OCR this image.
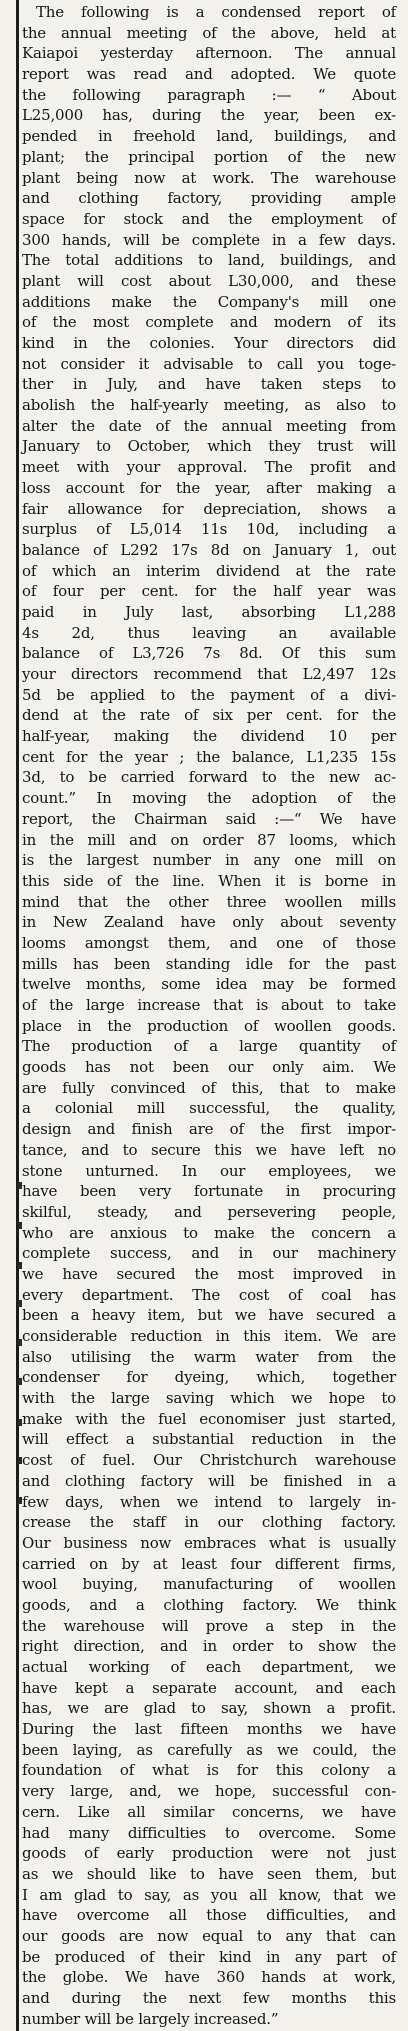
The following is a condensed report of
the annual meeting of the above, held at
Kaiapoi yesterday afternoon. The annual
report was read and adopted. We quote
the following paragraph :— “ About
L25,000 has, during the year, been ex-
pended in freehold land, buildings, and
plant; the principal portion of the new
plant being now at work. The warehouse
and clothing factory, providing ample
space for stock and the employment of
300 hands, will be complete in a few days.
The total additions to land, buildings, and
plant will cost about L30,000, and these
additions make the Company's mill one
of the most complete and modern of its
kind in the colonies. Your directors did
not consider it advisable to call you toge-
ther in July, and have taken steps to
abolish the half-yearly meeting, as also to
alter the date of the annual meeting from
January to October, which they trust will
meet with your approval. The profit and
loss account for the year, after making a
fair allowance for depreciation, shows a
surplus of L5,014 11s 10d, including a
balance of L292 17s 8d on January 1, out
of which an interim dividend at the rate
of four per cent. for the half year was
paid in July last, absorbing L1,288
4s 2d, thus leaving an available
balance of L3,726 7s 8d. Of this sum
your directors recommend that L2,497 12s
5d be applied to the payment of a divi-
dend at the rate of six per cent. for the
half-year, making the dividend 10 per
cent for the year ; the balance, L1,235 15s
3d, to be carried forward to the new ac-
count.” In moving the adoption of the
report, the Chairman said :—“ We have
in the mill and on order 87 looms, which
is the largest number in any one mill on
this side of the line. When it is borne in
mind that the other three woollen mills
in New Zealand have only about seventy
looms amongst them, and one of those
mills has been standing idle for the past
twelve months, some idea may be formed
of the large increase that is about to take
place in the production of woollen goods.
The production of a large quantity of
goods has not been our only aim. We
are fully convinced of this, that to make
a colonial mill successful, the quality,
design and finish are of the first impor-
tance, and to secure this we have left no
stone unturned. In our employees, we
have been very fortunate in procuring
skilful, steady, and persevering people,
who are anxious to make the concern a
complete success, and in our machinery
we have secured the most improved in
every department. The cost of coal has
been a heavy item, but we have secured a
considerable reduction in this item. We are
also utilising the warm water from the
condenser for dyeing, which, together
with the large saving which we hope to
make with the fuel economiser just started,
will effect a substantial reduction in the
cost of fuel. Our Christchurch warehouse
and clothing factory will be finished in a
few days, when we intend to largely in-
crease the staff in our clothing factory.
Our business now embraces what is usually
carried on by at least four different firms,
wool buying, manufacturing of woollen
goods, and a clothing factory. We think
the warehouse will prove a step in the
right direction, and in order to show the
actual working of each department, we
have kept a separate account, and each
has, we are glad to say, shown a profit.
During the last fifteen months we have
been laying, as carefully as we could, the
foundation of what is for this colony a
very large, and, we hope, successful con-
cern. Like all similar concerns, we have
had many difficulties to overcome. Some
goods of early production were not just
as we should like to have seen them, but
I am glad to say, as you all know, that we
have overcome all those difficulties, and
our goods are now equal to any that can
be produced of their kind in any part of
the globe. We have 360 hands at work,
and during the next few months this
number will be largely increased.”
